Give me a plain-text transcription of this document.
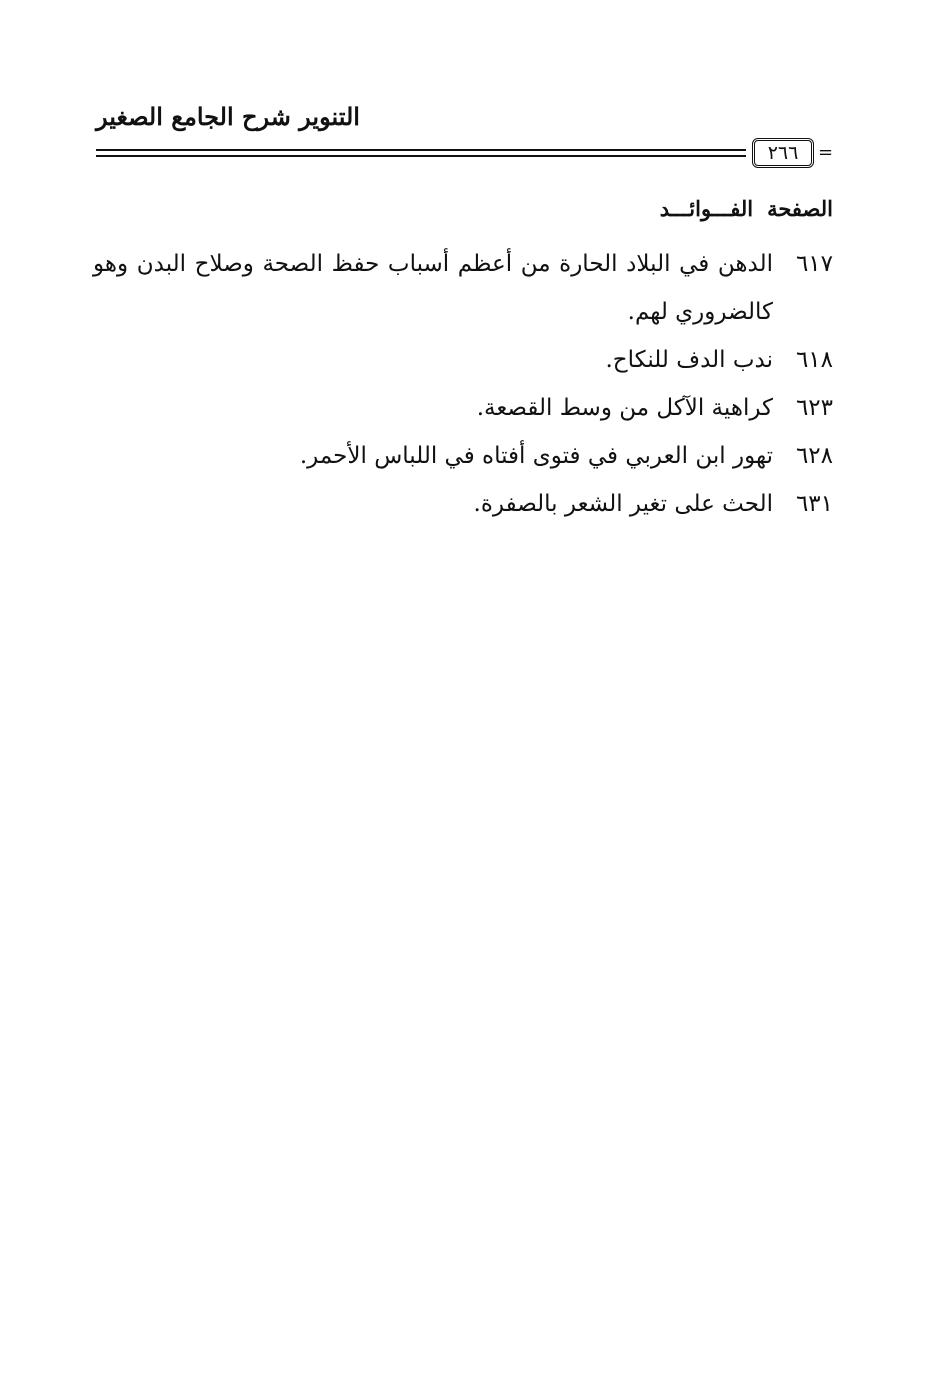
التنوير شرح الجامع الصغير
٢٦٦	=
الصفحةالفـــوائـــد
٦١٧
الدهن في البلاد الحارة من أعظم أسباب حفظ الصحة وصلاح البدن وهو كالضروري لهم.
٦١٨
ندب الدف للنكاح.
٦٢٣
كراهية الآكل من وسط القصعة.
٦٢٨
تهور ابن العربي في فتوى أفتاه في اللباس الأحمر.
٦٣١
الحث على تغير الشعر بالصفرة.
